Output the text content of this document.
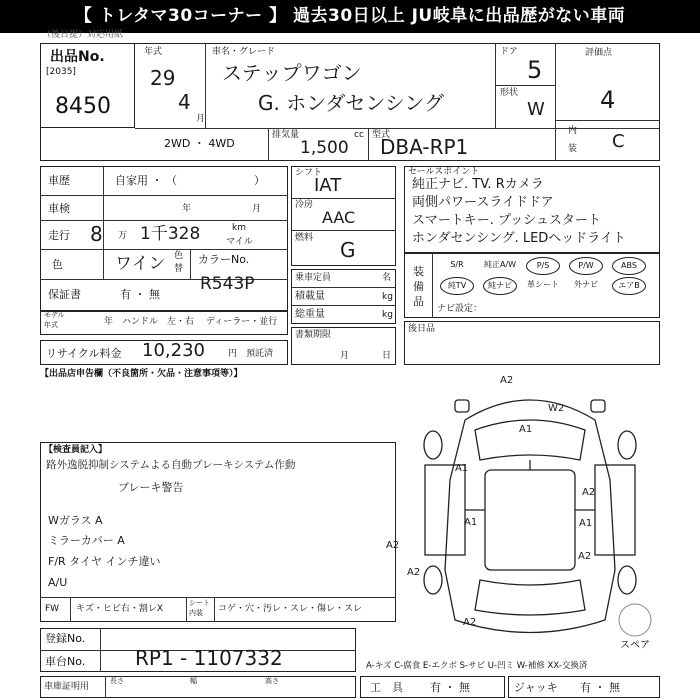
【 トレタマ30コーナー 】 過去30日以上 JU岐阜に出品歴がない車両
（後日提）対応用紙
出品No.
[2035]
8450
年式
29
4
月
車名・グレード
ステップワゴン
G. ホンダセンシング
ドア
5
形状
W
評価点
4
内
装 C
2WD ・ 4WD
排気量	cc
1,500
型式
DBA-RP1
車歴	自家用 ・ （　　　　　　　）
車検	年	月
走行 8 万 1千328	km
マイル
色	ワイン 色
替
カラーNo.
R543P
保証書	有 ・ 無
モデル
年式	年 ハンドル　左・右 ディーラー・並行
リサイクル料金 10,230	円 預託済
シフト
IAT
冷房
AAC
燃料 G
乗車定員	名
積載量	kg
総重量	kg
書類期限
月	日
セールスポイント
純正ナビ. TV. Rカメラ
両側パワースライドドア
スマートキー. プッシュスタート
ホンダセンシング. LEDヘッドライト
装
備
品
S/R	純正A/W	P/S	P/W	ABS
純TV	純ナビ	革シート	外ナビ	エアB
ナビ設定：
後日品
【出品店申告欄（不良箇所・欠品・注意事項等）】
【検査員記入】
路外逸脱抑制システムよる自動ブレーキシステム作動
ブレーキ警告
Wガラス A
ミラーカバー A
F/R タイヤ インチ違い
A/U
FW キズ・ヒビ右・割レX
シート
内装 コゲ・穴・汚レ・スレ・傷レ・スレ
登録No.
車台No. RP1 - 1107332
車庫証明用
長さ	幅	高さ
スペア
A2
A1
A1
W2
A1
A2
A1
A2
A2
A2
A2
A-キズ C-腐食 E-エクボ S-サビ U-凹ミ W-補修 XX-交換済
工　具 有 ・ 無	ジャッキ 有 ・ 無
